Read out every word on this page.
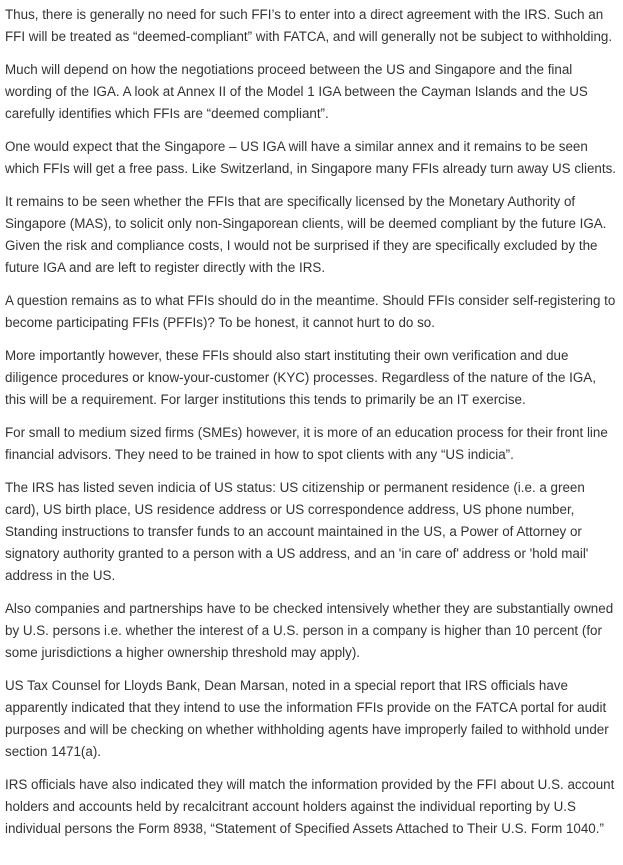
Thus, there is generally no need for such FFI’s to enter into a direct agreement with the IRS. Such an FFI will be treated as “deemed-compliant” with FATCA, and will generally not be subject to withholding.

Much will depend on how the negotiations proceed between the US and Singapore and the final wording of the IGA. A look at Annex II of the Model 1 IGA between the Cayman Islands and the US carefully identifies which FFIs are “deemed compliant”.

One would expect that the Singapore – US IGA will have a similar annex and it remains to be seen which FFIs will get a free pass. Like Switzerland, in Singapore many FFIs already turn away US clients.

It remains to be seen whether the FFIs that are specifically licensed by the Monetary Authority of Singapore (MAS), to solicit only non-Singaporean clients, will be deemed compliant by the future IGA. Given the risk and compliance costs, I would not be surprised if they are specifically excluded by the future IGA and are left to register directly with the IRS.

A question remains as to what FFIs should do in the meantime. Should FFIs consider self-registering to become participating FFIs (PFFIs)? To be honest, it cannot hurt to do so.

More importantly however, these FFIs should also start instituting their own verification and due diligence procedures or know-your-customer (KYC) processes. Regardless of the nature of the IGA, this will be a requirement. For larger institutions this tends to primarily be an IT exercise.

For small to medium sized firms (SMEs) however, it is more of an education process for their front line financial advisors. They need to be trained in how to spot clients with any “US indicia”.

The IRS has listed seven indicia of US status: US citizenship or permanent residence (i.e. a green card), US birth place, US residence address or US correspondence address, US phone number, Standing instructions to transfer funds to an account maintained in the US, a Power of Attorney or signatory authority granted to a person with a US address, and an 'in care of' address or 'hold mail' address in the US.

Also companies and partnerships have to be checked intensively whether they are substantially owned by U.S. persons i.e. whether the interest of a U.S. person in a company is higher than 10 percent (for some jurisdictions a higher ownership threshold may apply).

US Tax Counsel for Lloyds Bank, Dean Marsan, noted in a special report that IRS officials have apparently indicated that they intend to use the information FFIs provide on the FATCA portal for audit purposes and will be checking on whether withholding agents have improperly failed to withhold under section 1471(a).

IRS officials have also indicated they will match the information provided by the FFI about U.S. account holders and accounts held by recalcitrant account holders against the individual reporting by U.S individual persons the Form 8938, “Statement of Specified Assets Attached to Their U.S. Form 1040.”
